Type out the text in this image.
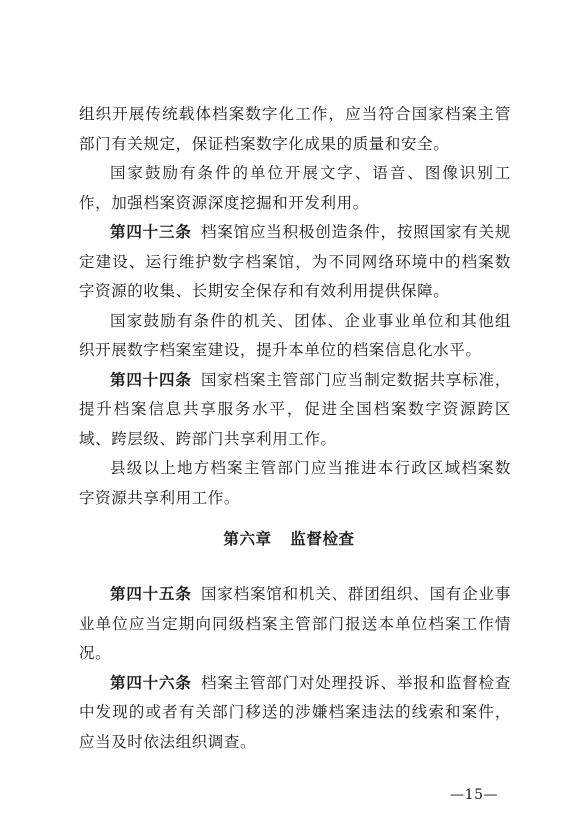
组织开展传统载体档案数字化工作，应当符合国家档案主管部门有关规定，保证档案数字化成果的质量和安全。

国家鼓励有条件的单位开展文字、语音、图像识别工作，加强档案资源深度挖掘和开发利用。

第四十三条 档案馆应当积极创造条件，按照国家有关规定建设、运行维护数字档案馆，为不同网络环境中的档案数字资源的收集、长期安全保存和有效利用提供保障。

国家鼓励有条件的机关、团体、企业事业单位和其他组织开展数字档案室建设，提升本单位的档案信息化水平。

第四十四条 国家档案主管部门应当制定数据共享标准，提升档案信息共享服务水平，促进全国档案数字资源跨区域、跨层级、跨部门共享利用工作。

县级以上地方档案主管部门应当推进本行政区域档案数字资源共享利用工作。

第六章 监督检查

第四十五条 国家档案馆和机关、群团组织、国有企业事业单位应当定期向同级档案主管部门报送本单位档案工作情况。

第四十六条 档案主管部门对处理投诉、举报和监督检查中发现的或者有关部门移送的涉嫌档案违法的线索和案件，应当及时依法组织调查。

—15—
